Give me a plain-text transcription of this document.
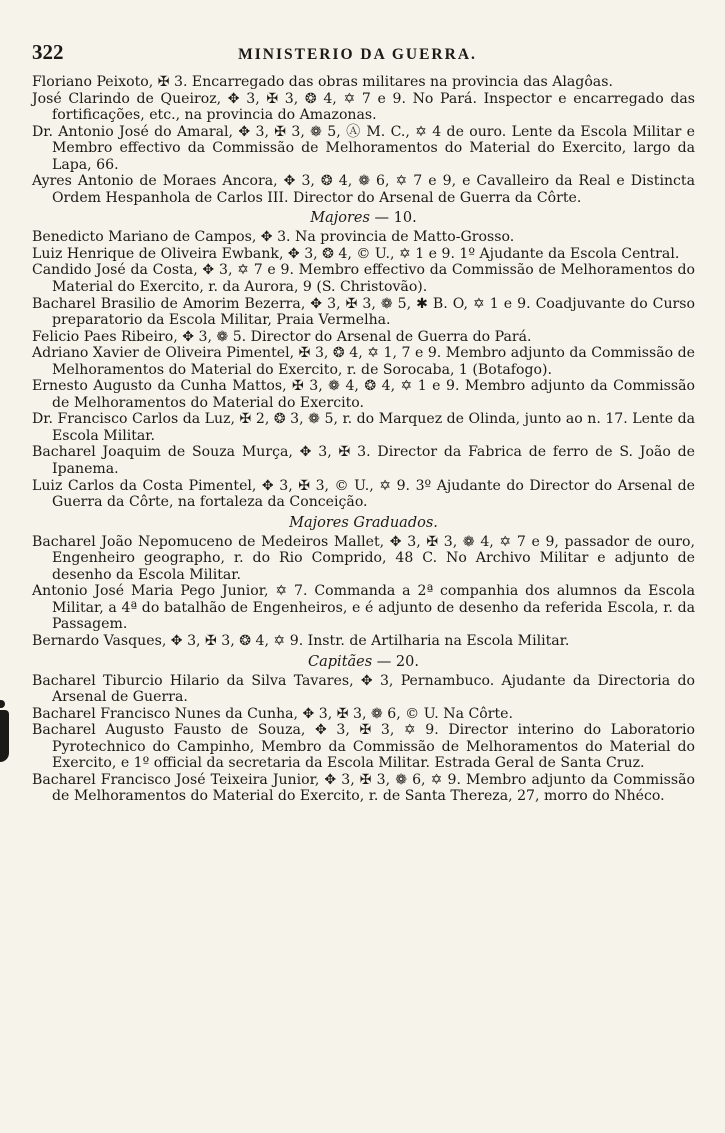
322	MINISTERIO DA GUERRA.

Floriano Peixoto, ✠ 3. Encarregado das obras militares na provincia das Alagôas.

José Clarindo de Queiroz, ✥ 3, ✠ 3, ❂ 4, ✡ 7 e 9. No Pará. Inspector e encarregado das fortificações, etc., na provincia do Amazonas.

Dr. Antonio José do Amaral, ✥ 3, ✠ 3, ❁ 5, Ⓐ M. C., ✡ 4 de ouro. Lente da Escola Militar e Membro effectivo da Commissão de Melhoramentos do Material do Exercito, largo da Lapa, 66.

Ayres Antonio de Moraes Ancora, ✥ 3, ❂ 4, ❁ 6, ✡ 7 e 9, e Cavalleiro da Real e Distincta Ordem Hespanhola de Carlos III. Director do Arsenal de Guerra da Côrte.

Majores — 10.

Benedicto Mariano de Campos, ✥ 3. Na provincia de Matto-Grosso.

Luiz Henrique de Oliveira Ewbank, ✥ 3, ❂ 4, © U., ✡ 1 e 9. 1º Ajudante da Escola Central.

Candido José da Costa, ✥ 3, ✡ 7 e 9. Membro effectivo da Commissão de Melhoramentos do Material do Exercito, r. da Aurora, 9 (S. Christovão).

Bacharel Brasilio de Amorim Bezerra, ✥ 3, ✠ 3, ❁ 5, ✱ B. O, ✡ 1 e 9. Coadjuvante do Curso preparatorio da Escola Militar, Praia Vermelha.

Felicio Paes Ribeiro, ✥ 3, ❁ 5. Director do Arsenal de Guerra do Pará.

Adriano Xavier de Oliveira Pimentel, ✠ 3, ❂ 4, ✡ 1, 7 e 9. Membro adjunto da Commissão de Melhoramentos do Material do Exercito, r. de Sorocaba, 1 (Botafogo).

Ernesto Augusto da Cunha Mattos, ✠ 3, ❁ 4, ❂ 4, ✡ 1 e 9. Membro adjunto da Commissão de Melhoramentos do Material do Exercito.

Dr. Francisco Carlos da Luz, ✠ 2, ❂ 3, ❁ 5, r. do Marquez de Olinda, junto ao n. 17. Lente da Escola Militar.

Bacharel Joaquim de Souza Murça, ✥ 3, ✠ 3. Director da Fabrica de ferro de S. João de Ipanema.

Luiz Carlos da Costa Pimentel, ✥ 3, ✠ 3, © U., ✡ 9. 3º Ajudante do Director do Arsenal de Guerra da Côrte, na fortaleza da Conceição.

Majores Graduados.

Bacharel João Nepomuceno de Medeiros Mallet, ✥ 3, ✠ 3, ❁ 4, ✡ 7 e 9, passador de ouro, Engenheiro geographo, r. do Rio Comprido, 48 C. No Archivo Militar e adjunto de desenho da Escola Militar.

Antonio José Maria Pego Junior, ✡ 7. Commanda a 2ª companhia dos alumnos da Escola Militar, a 4ª do batalhão de Engenheiros, e é adjunto de desenho da referida Escola, r. da Passagem.

Bernardo Vasques, ✥ 3, ✠ 3, ❂ 4, ✡ 9. Instr. de Artilharia na Escola Militar.

Capitães — 20.

Bacharel Tiburcio Hilario da Silva Tavares, ✥ 3, Pernambuco. Ajudante da Directoria do Arsenal de Guerra.

Bacharel Francisco Nunes da Cunha, ✥ 3, ✠ 3, ❁ 6, © U. Na Côrte.

Bacharel Augusto Fausto de Souza, ✥ 3, ✠ 3, ✡ 9. Director interino do Laboratorio Pyrotechnico do Campinho, Membro da Commissão de Melhoramentos do Material do Exercito, e 1º official da secretaria da Escola Militar. Estrada Geral de Santa Cruz.

Bacharel Francisco José Teixeira Junior, ✥ 3, ✠ 3, ❁ 6, ✡ 9. Membro adjunto da Commissão de Melhoramentos do Material do Exercito, r. de Santa Thereza, 27, morro do Nhéco.
